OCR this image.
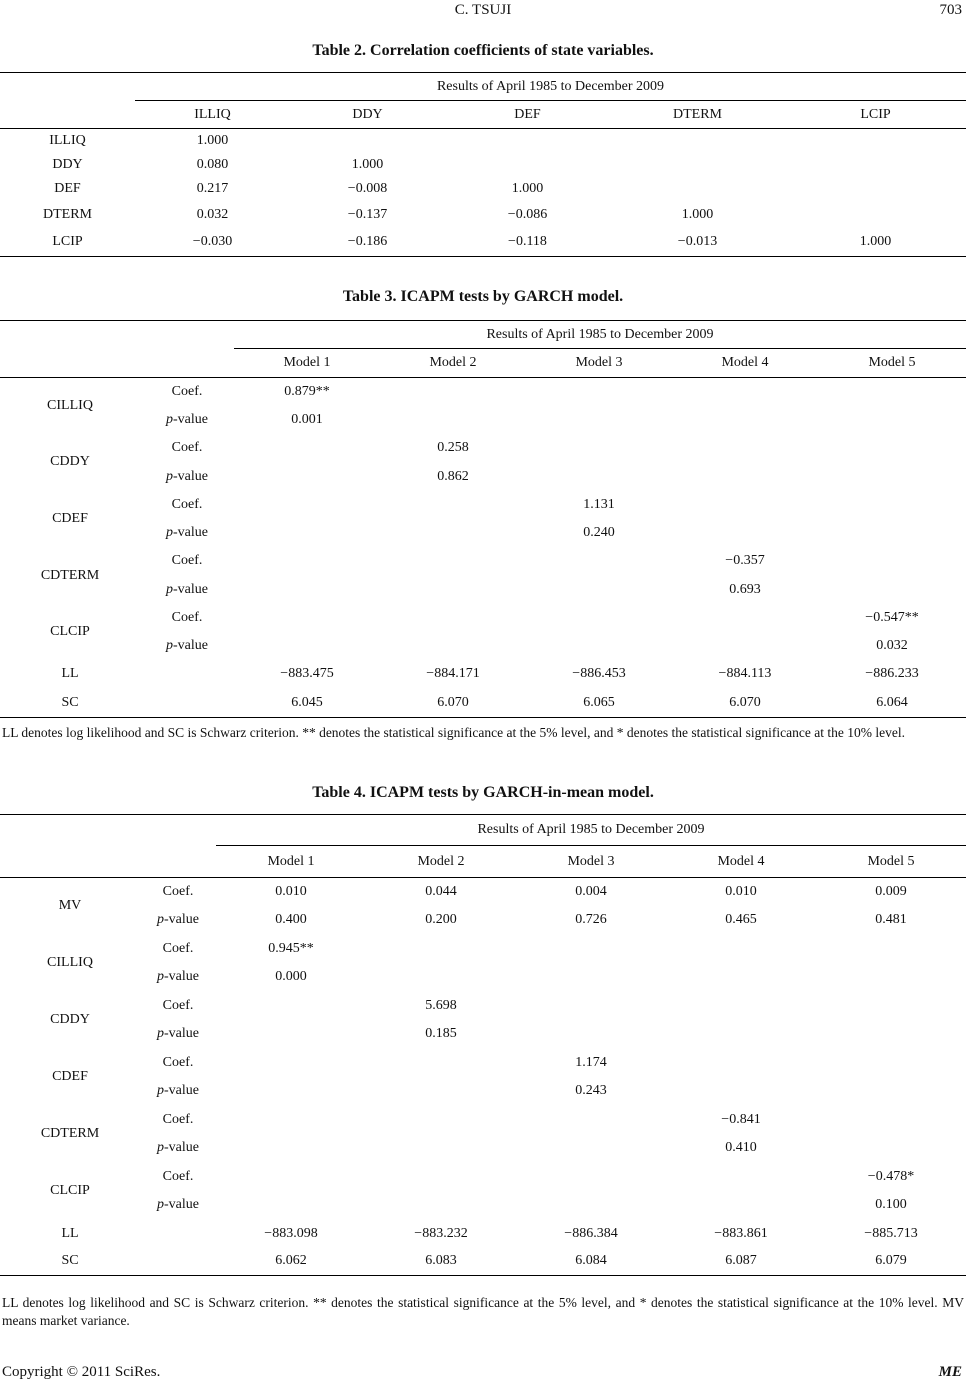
C. TSUJI	703
Table 2. Correlation coefficients of state variables.
	Results of April 1985 to December 2009				
	ILLIQ	DDY	DEF	DTERM	LCIP
ILLIQ	1.000				
DDY	0.080	1.000			
DEF	0.217	−0.008	1.000		
DTERM	0.032	−0.137	−0.086	1.000	
LCIP	−0.030	−0.186	−0.118	−0.013	1.000
Table 3. ICAPM tests by GARCH model.
		Results of April 1985 to December 2009				
		Model 1	Model 2	Model 3	Model 4	Model 5
CILLIQ	Coef.	0.879**				
	p-value	0.001				
CDDY	Coef.		0.258			
	p-value		0.862			
CDEF	Coef.			1.131		
	p-value			0.240		
CDTERM	Coef.				−0.357	
	p-value				0.693	
CLCIP	Coef.					−0.547**
	p-value					0.032
LL		−883.475	−884.171	−886.453	−884.113	−886.233
SC		6.045	6.070	6.065	6.070	6.064

LL denotes log likelihood and SC is Schwarz criterion. ** denotes the statistical significance at the 5% level, and * denotes the statistical significance at the 10% level.

Table 4. ICAPM tests by GARCH-in-mean model.
		Results of April 1985 to December 2009				
		Model 1	Model 2	Model 3	Model 4	Model 5
MV	Coef.	0.010	0.044	0.004	0.010	0.009
	p-value	0.400	0.200	0.726	0.465	0.481
CILLIQ	Coef.	0.945**				
	p-value	0.000				
CDDY	Coef.		5.698			
	p-value		0.185			
CDEF	Coef.			1.174		
	p-value			0.243		
CDTERM	Coef.				−0.841	
	p-value				0.410	
CLCIP	Coef.					−0.478*
	p-value					0.100
LL		−883.098	−883.232	−886.384	−883.861	−885.713
SC		6.062	6.083	6.084	6.087	6.079

LL denotes log likelihood and SC is Schwarz criterion. ** denotes the statistical significance at the 5% level, and * denotes the statistical significance at the 10% level. MV means market variance.

Copyright © 2011 SciRes.	ME
